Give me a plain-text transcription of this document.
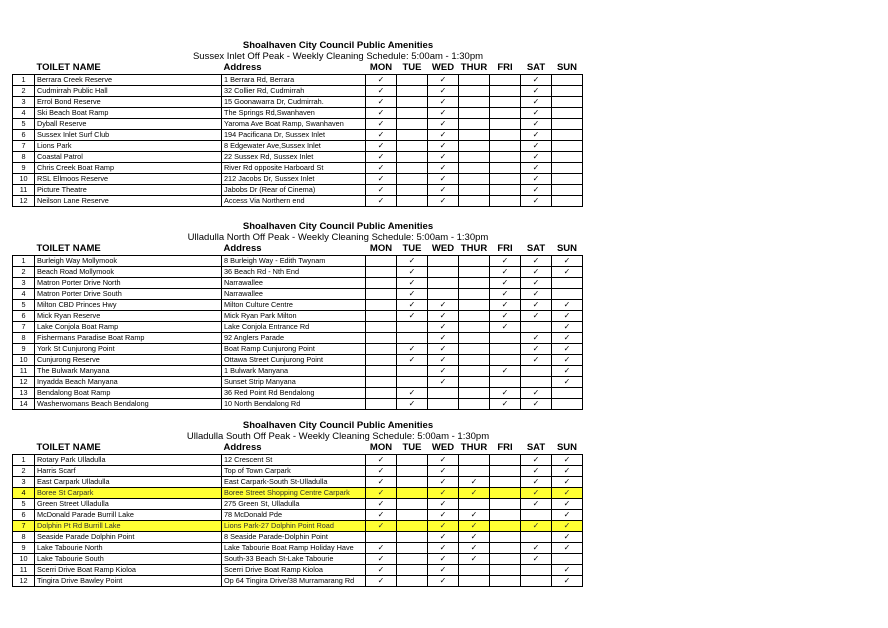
Shoalhaven City Council Public Amenities
Sussex Inlet Off Peak - Weekly Cleaning Schedule: 5:00am - 1:30pm
TOILET NAME		Address	MON	TUE	WED	THUR	FRI	SAT	SUN
1	Berrara Creek Reserve	1 Berrara Rd, Berrara	✓		✓			✓	
2	Cudmirrah Public Hall	32 Collier Rd, Cudmirrah	✓		✓			✓	
3	Errol Bond Reserve	15 Goonawarra Dr, Cudmirrah.	✓		✓			✓	
4	Ski Beach Boat Ramp	The Springs Rd,Swanhaven	✓		✓			✓	
5	Dyball Reserve	Yaroma Ave Boat Ramp, Swanhaven	✓		✓			✓	
6	Sussex Inlet Surf Club	194 Pacificana Dr, Sussex Inlet	✓		✓			✓	
7	Lions Park	8 Edgewater Ave,Sussex Inlet	✓		✓			✓	
8	Coastal Patrol	22 Sussex Rd, Sussex Inlet	✓		✓			✓	
9	Chris Creek Boat Ramp	River Rd opposite Harboard St	✓		✓			✓	
10	RSL Ellmoos Reserve	212 Jacobs Dr, Sussex Inlet	✓		✓			✓	
11	Picture Theatre	Jabobs Dr (Rear of Cinema)	✓		✓			✓	
12	Neilson Lane Reserve	Access Via Northern end	✓		✓			✓	
Shoalhaven City Council Public Amenities
Ulladulla North Off Peak - Weekly Cleaning Schedule: 5:00am - 1:30pm
TOILET NAME		Address	MON	TUE	WED	THUR	FRI	SAT	SUN
1	Burleigh Way Mollymook	8 Burleigh Way - Edith Twynam		✓			✓	✓	✓
2	Beach Road Mollymook	36 Beach Rd - Nth End		✓			✓	✓	✓
3	Matron Porter Drive North	Narrawallee		✓			✓	✓	
4	Matron Porter Drive South	Narrawallee		✓			✓	✓	
5	Milton CBD Princes Hwy	Milton Culture Centre		✓	✓		✓	✓	✓
6	Mick Ryan Reserve	Mick Ryan Park Milton		✓	✓		✓	✓	✓
7	Lake Conjola Boat Ramp	Lake Conjola Entrance Rd			✓		✓		✓
8	Fishermans Paradise Boat Ramp	92 Anglers Parade			✓			✓	✓
9	York St Cunjurong Point	Boat Ramp Cunjurong Point		✓	✓			✓	✓
10	Cunjurong Reserve	Ottawa Street Cunjurong Point		✓	✓			✓	✓
11	The Bulwark Manyana	1 Bulwark Manyana			✓		✓		✓
12	Inyadda Beach Manyana	Sunset Strip Manyana			✓				✓
13	Bendalong Boat Ramp	36 Red Point Rd Bendalong		✓			✓	✓	
14	Washerwomans Beach Bendalong	10 North Bendalong Rd		✓			✓	✓	
Shoalhaven City Council Public Amenities
Ulladulla South Off Peak - Weekly Cleaning Schedule: 5:00am - 1:30pm
TOILET NAME		Address	MON	TUE	WED	THUR	FRI	SAT	SUN
1	Rotary Park Ulladulla	12 Crescent St	✓		✓			✓	✓
2	Harris Scarf	Top of Town Carpark	✓		✓			✓	✓
3	East Carpark Ulladulla	East Carpark-South St-Ulladulla	✓		✓	✓		✓	✓
4	Boree St Carpark	Boree Street Shopping Centre Carpark	✓		✓	✓		✓	✓
5	Green Street Ulladulla	275 Green St, Ulladulla	✓		✓			✓	✓
6	McDonald Parade Burrill Lake	78 McDonald Pde	✓		✓	✓			✓
7	Dolphin Pt Rd Burrill Lake	Lions Park-27 Dolphin Point Road	✓		✓	✓		✓	✓
8	Seaside Parade Dolphin Point	8 Seaside Parade-Dolphin Point			✓	✓			✓
9	Lake Tabourie North	Lake Tabourie Boat Ramp Holiday Have	✓		✓	✓		✓	✓
10	Lake Tabourie South	South-33 Beach St-Lake Tabourie	✓		✓	✓		✓	
11	Scerri Drive Boat Ramp Kioloa	Scerri Drive Boat Ramp Kioloa	✓		✓				✓
12	Tingira Drive Bawley Point	Op 64 Tingira Drive/38 Murramarang Rd	✓		✓				✓
